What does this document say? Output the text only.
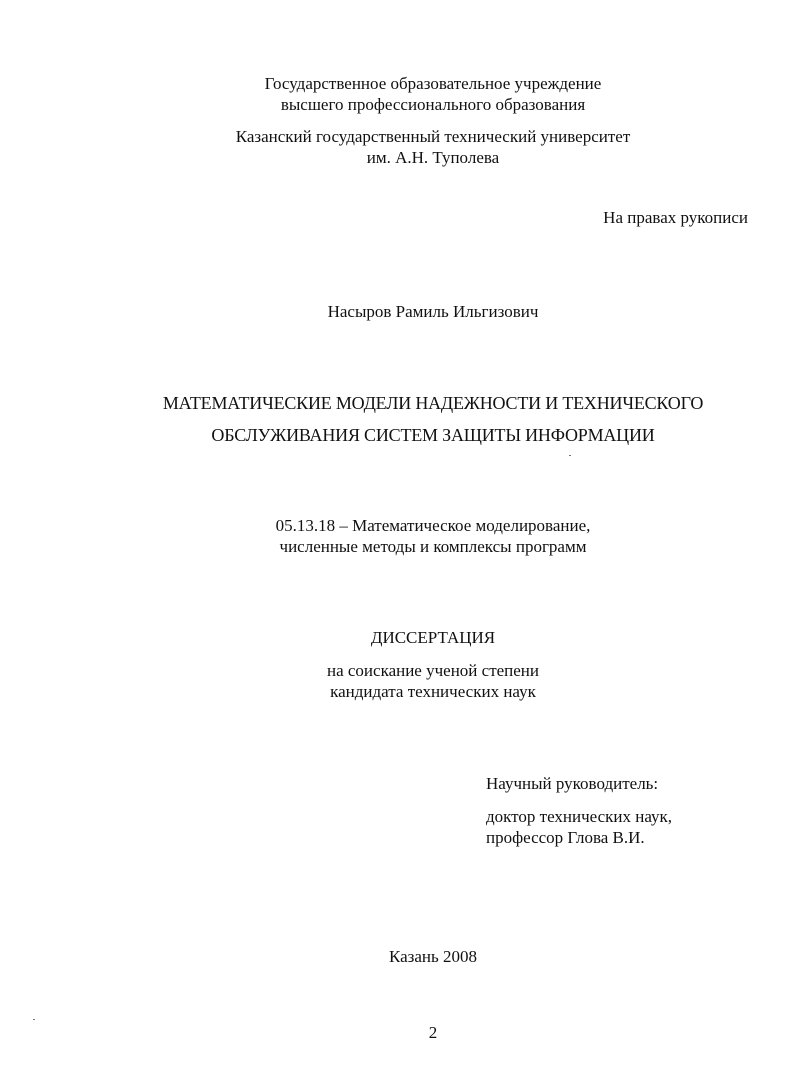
Государственное образовательное учреждение
высшего профессионального образования
Казанский государственный технический университет
им. А.Н. Туполева
На правах рукописи
Насыров Рамиль Ильгизович
МАТЕМАТИЧЕСКИЕ МОДЕЛИ НАДЕЖНОСТИ И ТЕХНИЧЕСКОГО
ОБСЛУЖИВАНИЯ СИСТЕМ ЗАЩИТЫ ИНФОРМАЦИИ
05.13.18 – Математическое моделирование,
численные методы и комплексы программ
ДИССЕРТАЦИЯ
на соискание ученой степени
кандидата технических наук
Научный руководитель:
доктор технических наук,
профессор Глова В.И.
Казань 2008
2
